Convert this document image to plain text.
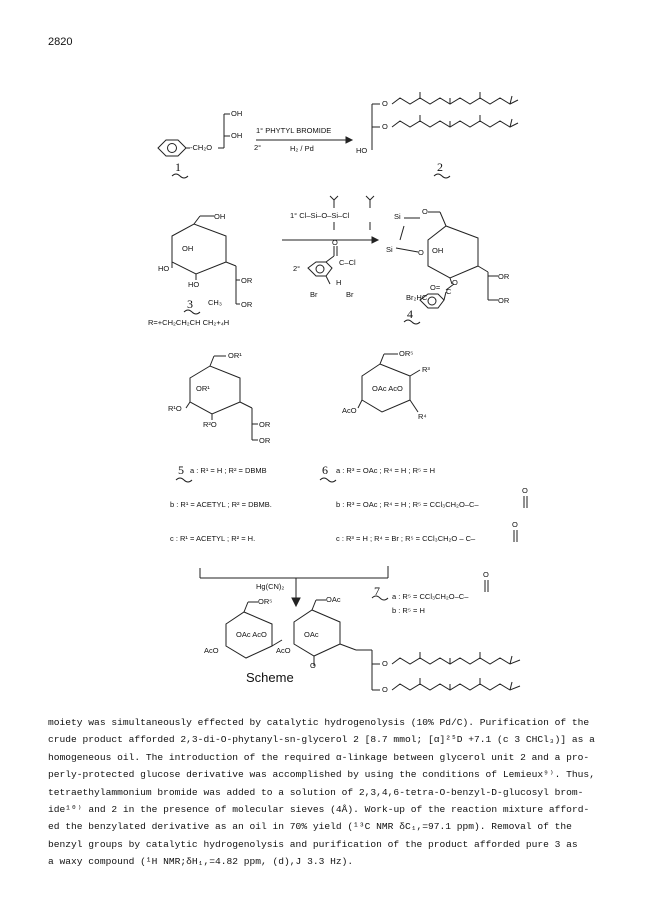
2820
-CH₂O
OH
OH
1° PHYTYL BROMIDE
2°	H₂ / Pd	HO
O
O
1	2
OH
OH
HO
HO	OR
OR
CH₃
R=+CH₂CH₂CH CH₂+₄H
3
1° Cl–Si–O–Si–Cl
2°
C–Cl
O
H
Br	Br
OR
OR
OH
O
O
Si
Si
O= C
O
Br₂HC
4
OR¹
OR¹
R¹O
R²O	OR
OR
OR⁵
R³
R⁴
OAc AcO
AcO
5 a : R¹ = H ; R² = DBMB
b : R¹ = ACETYL ; R² = DBMB.
c : R¹ = ACETYL ; R² = H.
6 a : R³ = OAc ; R⁴ = H ; R⁵ = H
b : R³ = OAc ; R⁴ = H ; R⁵ = CCl₃CH₂O–C–
c : R³ = H ; R⁴ = Br ; R⁵ = CCl₃CH₂O – C–
O
O
Hg(CN)₂	7 a : R⁵ = CCl₃CH₂O–C–
b : R⁵ = H
O
OR⁵	OAc
OAc AcO	OAc
AcO	AcO
O	O
O
Scheme
moiety was simultaneously effected by catalytic hydrogenolysis (10% Pd/C). Purification of the
crude product afforded 2,3-di-O-phytanyl-sn-glycerol 2 [8.7 mmol; [α]²⁵D +7.1 (c 3 CHCl₃)] as a
homogeneous oil. The introduction of the required α-linkage between glycerol unit 2 and a pro-
perly-protected glucose derivative was accomplished by using the conditions of Lemieux⁹⁾. Thus,
tetraethylammonium bromide was added to a solution of 2,3,4,6-tetra-O-benzyl-D-glucosyl brom-
ide¹⁰⁾ and 2 in the presence of molecular sieves (4Å). Work-up of the reaction mixture afford-
ed the benzylated derivative as an oil in 70% yield (¹³C NMR δC₁,=97.1 ppm). Removal of the
benzyl groups by catalytic hydrogenolysis and purification of the product afforded pure 3 as
a waxy compound (¹H NMR;δH₁,=4.82 ppm, (d),J 3.3 Hz).
